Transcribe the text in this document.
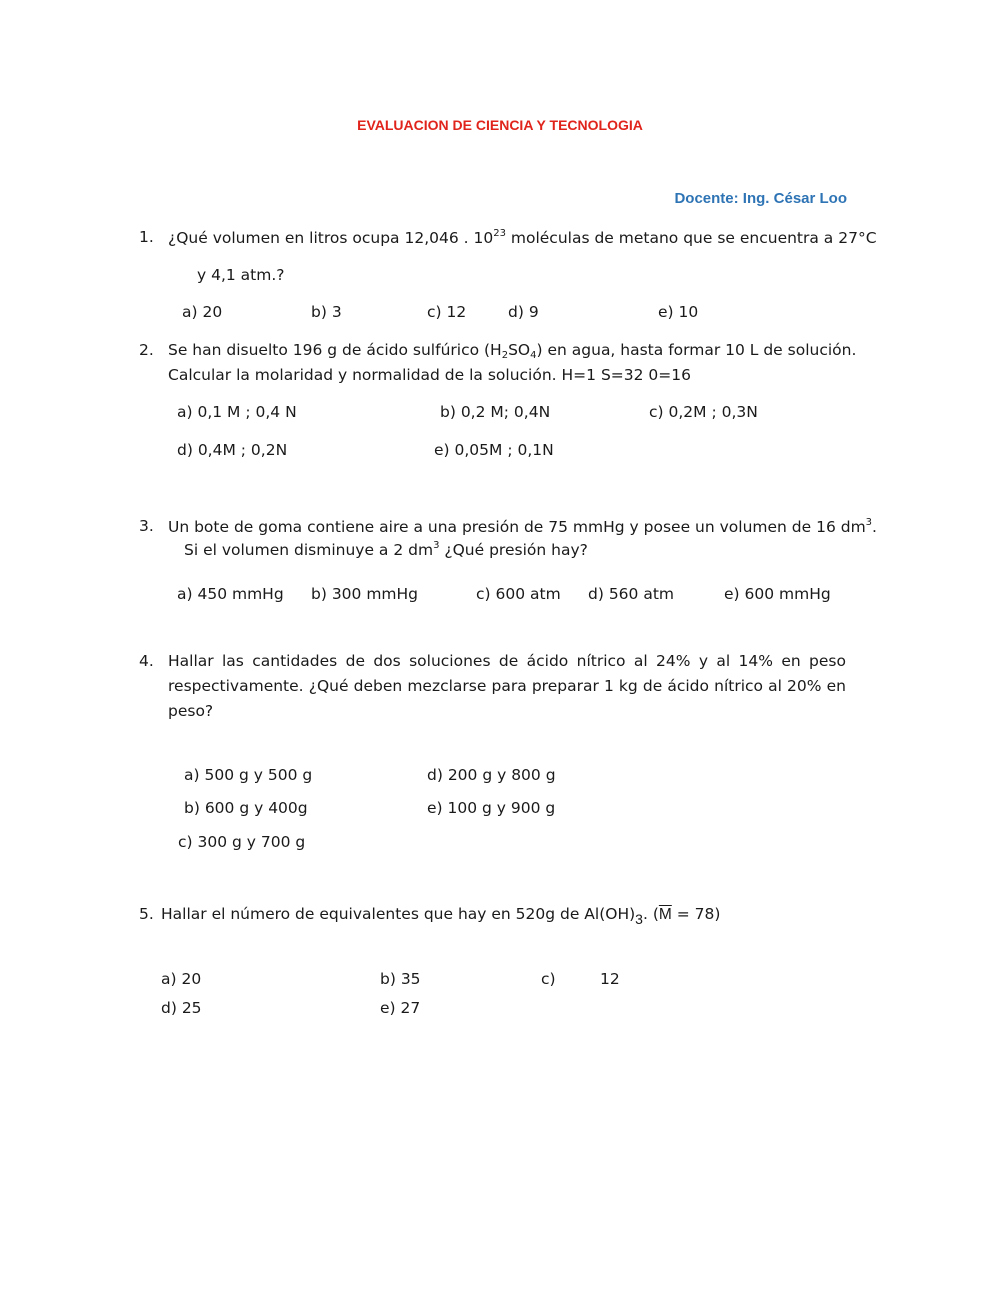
EVALUACION DE CIENCIA Y TECNOLOGIA
Docente: Ing. César Loo
1. ¿Qué volumen en litros ocupa 12,046 . $10^{23}$ moléculas de metano que se encuentra a 27°C
y 4,1 atm.?
a) 20	b) 3	c) 12	d) 9	e) 10
2. Se han disuelto 196 g de ácido sulfúrico $(H_2SO_4)$ en agua, hasta formar 10 L de solución.
Calcular la molaridad y normalidad de la solución. H=1 S=32 0=16
a) 0,1 M ; 0,4 N	b) 0,2 M; 0,4N	c) 0,2M ; 0,3N
d) 0,4M ; 0,2N	e) 0,05M ; 0,1N
3. Un bote de goma contiene aire a una presión de 75 mmHg y posee un volumen de 16 $dm^3$.
Si el volumen disminuye a 2 $dm^3$ ¿Qué presión hay?
a) 450 mmHg b) 300 mmHg	c) 600 atm d) 560 atm	e) 600 mmHg
4. Hallar las cantidades de dos soluciones de ácido nítrico al 24% y al 14% en peso
respectivamente. ¿Qué deben mezclarse para preparar 1 kg de ácido nítrico al 20% en
peso?
a) 500 g y 500 g	d) 200 g y 800 g
b) 600 g y 400g	e) 100 g y 900 g
c) 300 g y 700 g
5. Hallar el número de equivalentes que hay en 520g de $Al(OH)_3$. $(\overline{M} = 78)$
a) 20	b) 35	c)	12
d) 25	e) 27
